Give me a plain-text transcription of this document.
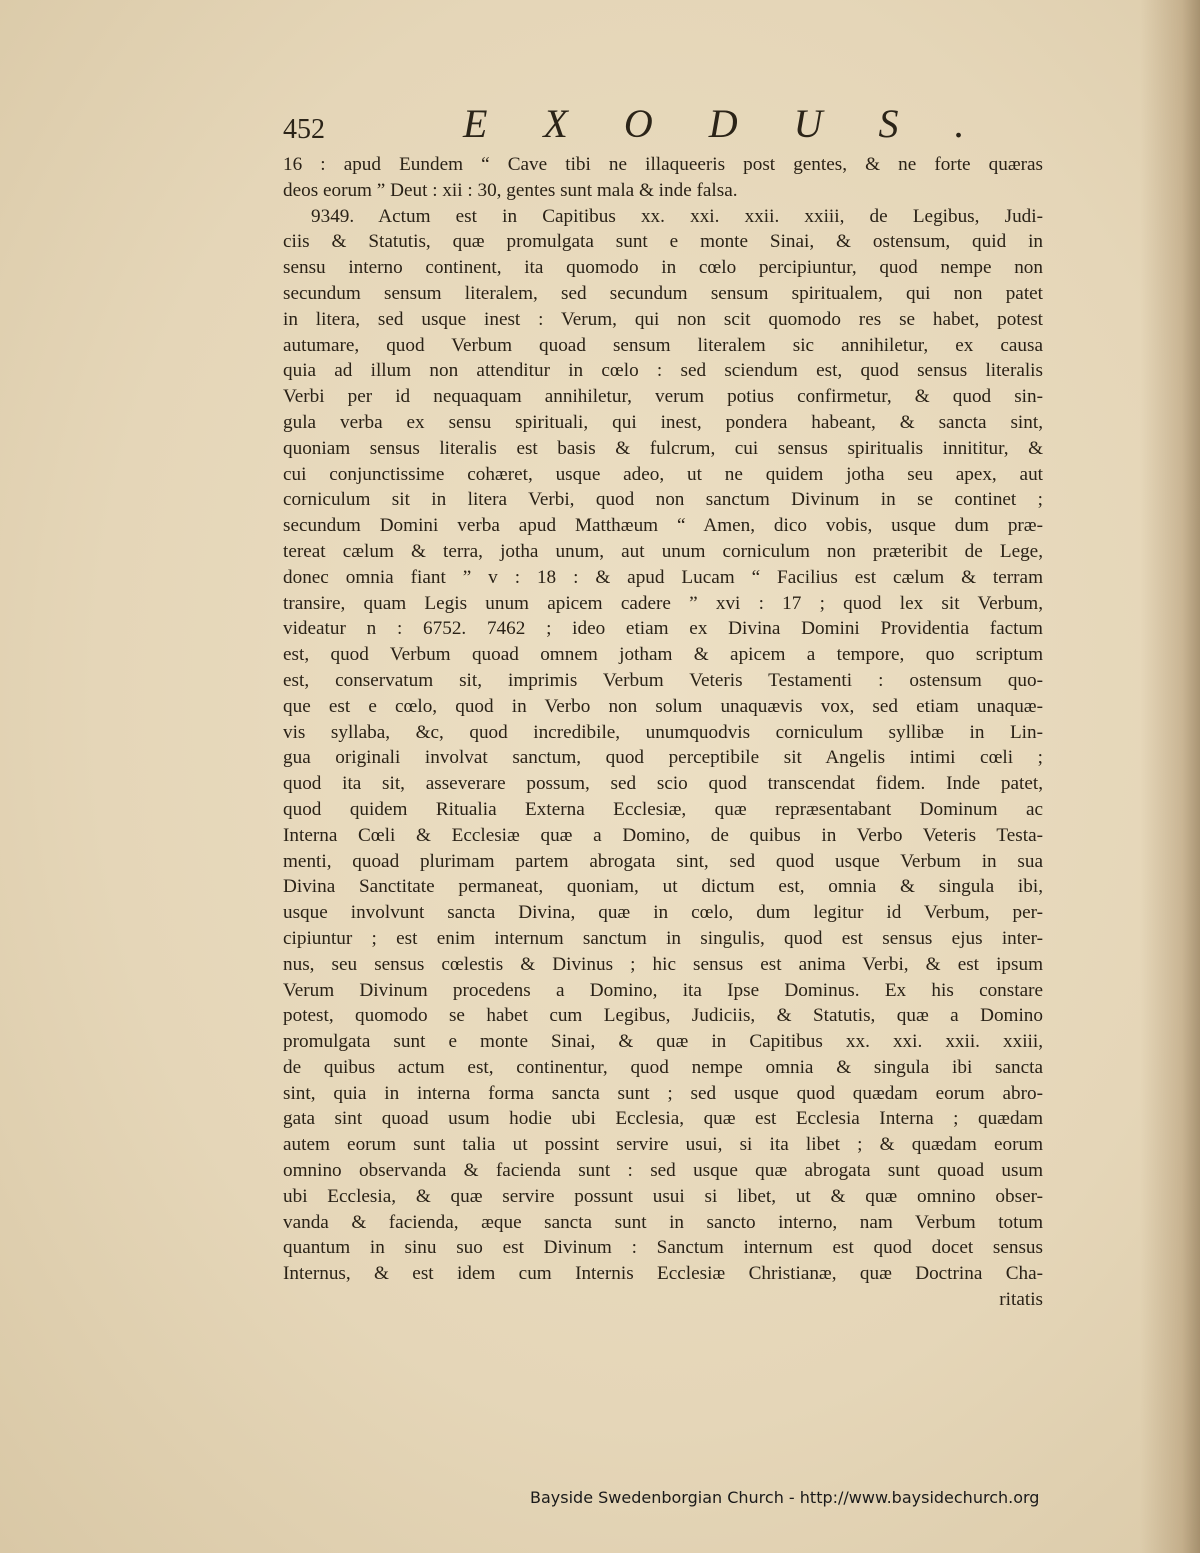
452	EXODUS.
16 : apud Eundem “ Cave tibi ne illaqueeris post gentes, & ne forte quæras
deos eorum ” Deut : xii : 30, gentes sunt mala & inde falsa.
9349. Actum est in Capitibus xx. xxi. xxii. xxiii, de Legibus, Judi-
ciis & Statutis, quæ promulgata sunt e monte Sinai, & ostensum, quid in
sensu interno continent, ita quomodo in cœlo percipiuntur, quod nempe non
secundum sensum literalem, sed secundum sensum spiritualem, qui non patet
in litera, sed usque inest : Verum, qui non scit quomodo res se habet, potest
autumare, quod Verbum quoad sensum literalem sic annihiletur, ex causa
quia ad illum non attenditur in cœlo : sed sciendum est, quod sensus literalis
Verbi per id nequaquam annihiletur, verum potius confirmetur, & quod sin-
gula verba ex sensu spirituali, qui inest, pondera habeant, & sancta sint,
quoniam sensus literalis est basis & fulcrum, cui sensus spiritualis innititur, &
cui conjunctissime cohæret, usque adeo, ut ne quidem jotha seu apex, aut
corniculum sit in litera Verbi, quod non sanctum Divinum in se continet ;
secundum Domini verba apud Matthæum “ Amen, dico vobis, usque dum præ-
tereat cælum & terra, jotha unum, aut unum corniculum non præteribit de Lege,
donec omnia fiant ” v : 18 : & apud Lucam “ Facilius est cælum & terram
transire, quam Legis unum apicem cadere ” xvi : 17 ; quod lex sit Verbum,
videatur n : 6752. 7462 ; ideo etiam ex Divina Domini Providentia factum
est, quod Verbum quoad omnem jotham & apicem a tempore, quo scriptum
est, conservatum sit, imprimis Verbum Veteris Testamenti : ostensum quo-
que est e cœlo, quod in Verbo non solum unaquævis vox, sed etiam unaquæ-
vis syllaba, &c, quod incredibile, unumquodvis corniculum syllibæ in Lin-
gua originali involvat sanctum, quod perceptibile sit Angelis intimi cœli ;
quod ita sit, asseverare possum, sed scio quod transcendat fidem. Inde patet,
quod quidem Ritualia Externa Ecclesiæ, quæ repræsentabant Dominum ac
Interna Cœli & Ecclesiæ quæ a Domino, de quibus in Verbo Veteris Testa-
menti, quoad plurimam partem abrogata sint, sed quod usque Verbum in sua
Divina Sanctitate permaneat, quoniam, ut dictum est, omnia & singula ibi,
usque involvunt sancta Divina, quæ in cœlo, dum legitur id Verbum, per-
cipiuntur ; est enim internum sanctum in singulis, quod est sensus ejus inter-
nus, seu sensus cœlestis & Divinus ; hic sensus est anima Verbi, & est ipsum
Verum Divinum procedens a Domino, ita Ipse Dominus. Ex his constare
potest, quomodo se habet cum Legibus, Judiciis, & Statutis, quæ a Domino
promulgata sunt e monte Sinai, & quæ in Capitibus xx. xxi. xxii. xxiii,
de quibus actum est, continentur, quod nempe omnia & singula ibi sancta
sint, quia in interna forma sancta sunt ; sed usque quod quædam eorum abro-
gata sint quoad usum hodie ubi Ecclesia, quæ est Ecclesia Interna ; quædam
autem eorum sunt talia ut possint servire usui, si ita libet ; & quædam eorum
omnino observanda & facienda sunt : sed usque quæ abrogata sunt quoad usum
ubi Ecclesia, & quæ servire possunt usui si libet, ut & quæ omnino obser-
vanda & facienda, æque sancta sunt in sancto interno, nam Verbum totum
quantum in sinu suo est Divinum : Sanctum internum est quod docet sensus
Internus, & est idem cum Internis Ecclesiæ Christianæ, quæ Doctrina Cha-
ritatis
Bayside Swedenborgian Church - http://www.baysidechurch.org
